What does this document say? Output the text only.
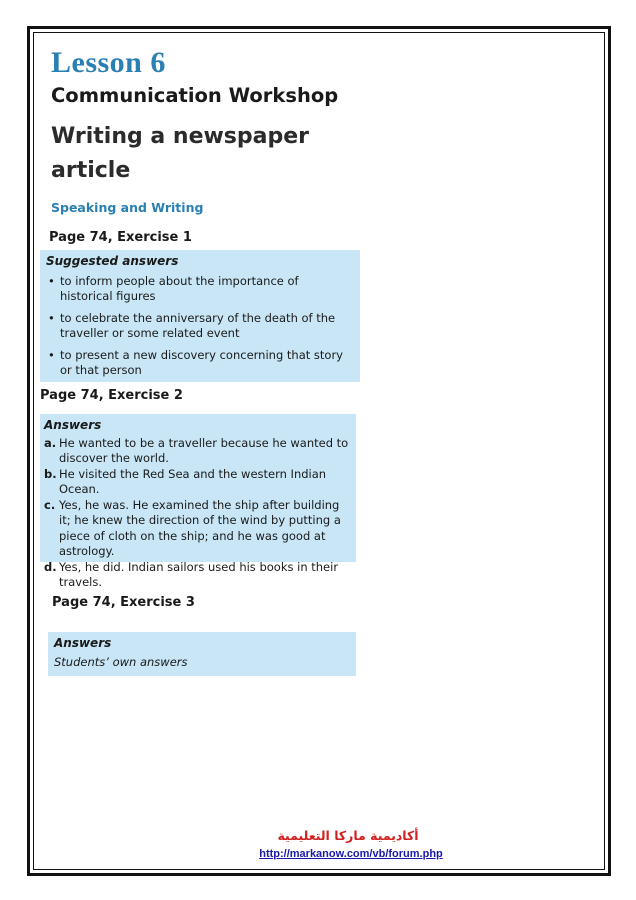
Lesson 6
Communication Workshop
Writing a newspaper article
Speaking and Writing
Page 74, Exercise 1
Suggested answers
• to inform people about the importance of historical figures
• to celebrate the anniversary of the death of the traveller or some related event
• to present a new discovery concerning that story or that person
Page 74, Exercise 2
Answers
a. He wanted to be a traveller because he wanted to discover the world.
b. He visited the Red Sea and the western Indian Ocean.
c. Yes, he was. He examined the ship after building it; he knew the direction of the wind by putting a piece of cloth on the ship; and he was good at astrology.
d. Yes, he did. Indian sailors used his books in their travels.
Page 74, Exercise 3
Answers
Students’ own answers
أكاديمية ماركا التعليمية
http://markanow.com/vb/forum.php
